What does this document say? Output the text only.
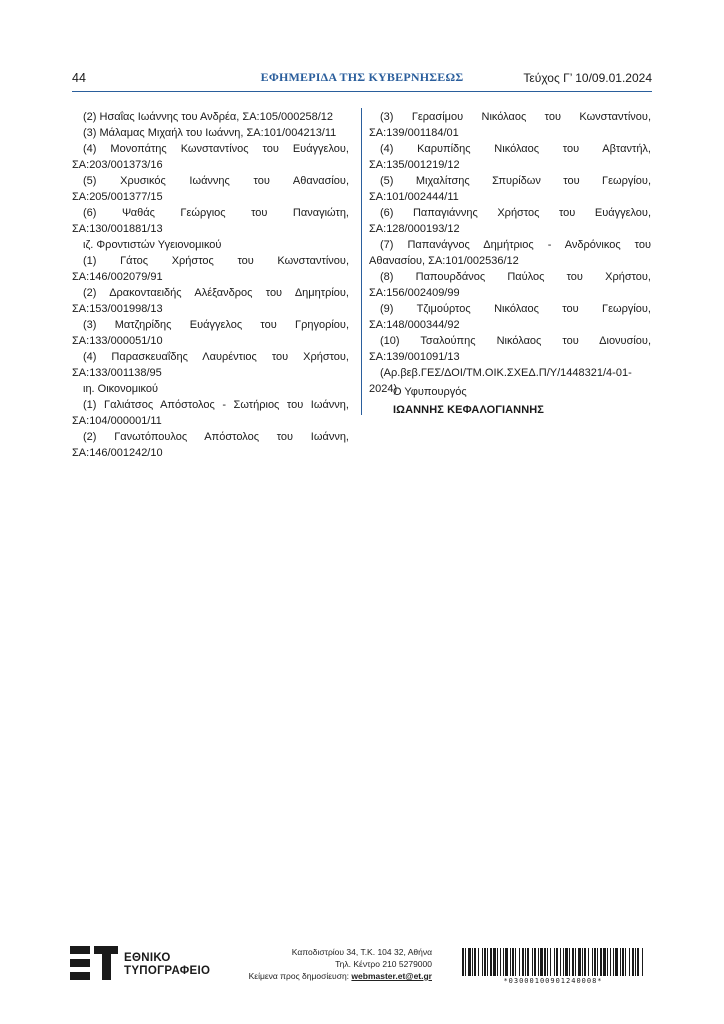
44	ΕΦΗΜΕΡΙΔΑ ΤΗΣ ΚΥΒΕΡΝΗΣΕΩΣ	Τεύχος Γ’ 10/09.01.2024

(2) Ησαΐας Ιωάννης του Ανδρέα, ΣΑ:105/000258/12

(3) Μάλαμας Μιχαήλ του Ιωάννη, ΣΑ:101/004213/11

(4) Μονοπάτης Κωνσταντίνος του Ευάγγελου, ΣΑ:203/001373/16

(5) Χρυσικός Ιωάννης του Αθανασίου, ΣΑ:205/001377/15

(6) Ψαθάς Γεώργιος του Παναγιώτη, ΣΑ:130/001881/13

ιζ. Φροντιστών Υγειονομικού

(1) Γάτος Χρήστος του Κωνσταντίνου, ΣΑ:146/002079/91

(2) Δρακονταειδής Αλέξανδρος του Δημητρίου, ΣΑ:153/001998/13

(3) Ματζηρίδης Ευάγγελος του Γρηγορίου, ΣΑ:133/000051/10

(4) Παρασκευαΐδης Λαυρέντιος του Χρήστου, ΣΑ:133/001138/95

ιη. Οικονομικού

(1) Γαλιάτσος Απόστολος - Σωτήριος του Ιωάννη, ΣΑ:104/000001/11

(2) Γανωτόπουλος Απόστολος του Ιωάννη, ΣΑ:146/001242/10

(3) Γερασίμου Νικόλαος του Κωνσταντίνου, ΣΑ:139/001184/01

(4) Καρυπίδης Νικόλαος του Αβταντήλ, ΣΑ:135/001219/12

(5) Μιχαλίτσης Σπυρίδων του Γεωργίου, ΣΑ:101/002444/11

(6) Παπαγιάννης Χρήστος του Ευάγγελου, ΣΑ:128/000193/12

(7) Παπανάγνος Δημήτριος - Ανδρόνικος του Αθανασίου, ΣΑ:101/002536/12

(8) Παπουρδάνος Παύλος του Χρήστου, ΣΑ:156/002409/99

(9) Τζιμούρτος Νικόλαος του Γεωργίου, ΣΑ:148/000344/92

(10) Τσαλούπης Νικόλαος του Διονυσίου, ΣΑ:139/001091/13

(Αρ.βεβ.ΓΕΣ/ΔΟΙ/ΤΜ.ΟΙΚ.ΣΧΕΔ.Π/Υ/1448321/4-01-2024)

Ο Υφυπουργός
ΙΩΑΝΝΗΣ ΚΕΦΑΛΟΓΙΑΝΝΗΣ
ΕΘΝΙΚΟ
ΤΥΠΟΓΡΑΦΕΙΟ
Καποδιστρίου 34, Τ.Κ. 104 32, Αθήνα
Τηλ. Κέντρο 210 5279000
Κείμενα προς δημοσίευση: webmaster.et@et.gr	*03000100901240008*
